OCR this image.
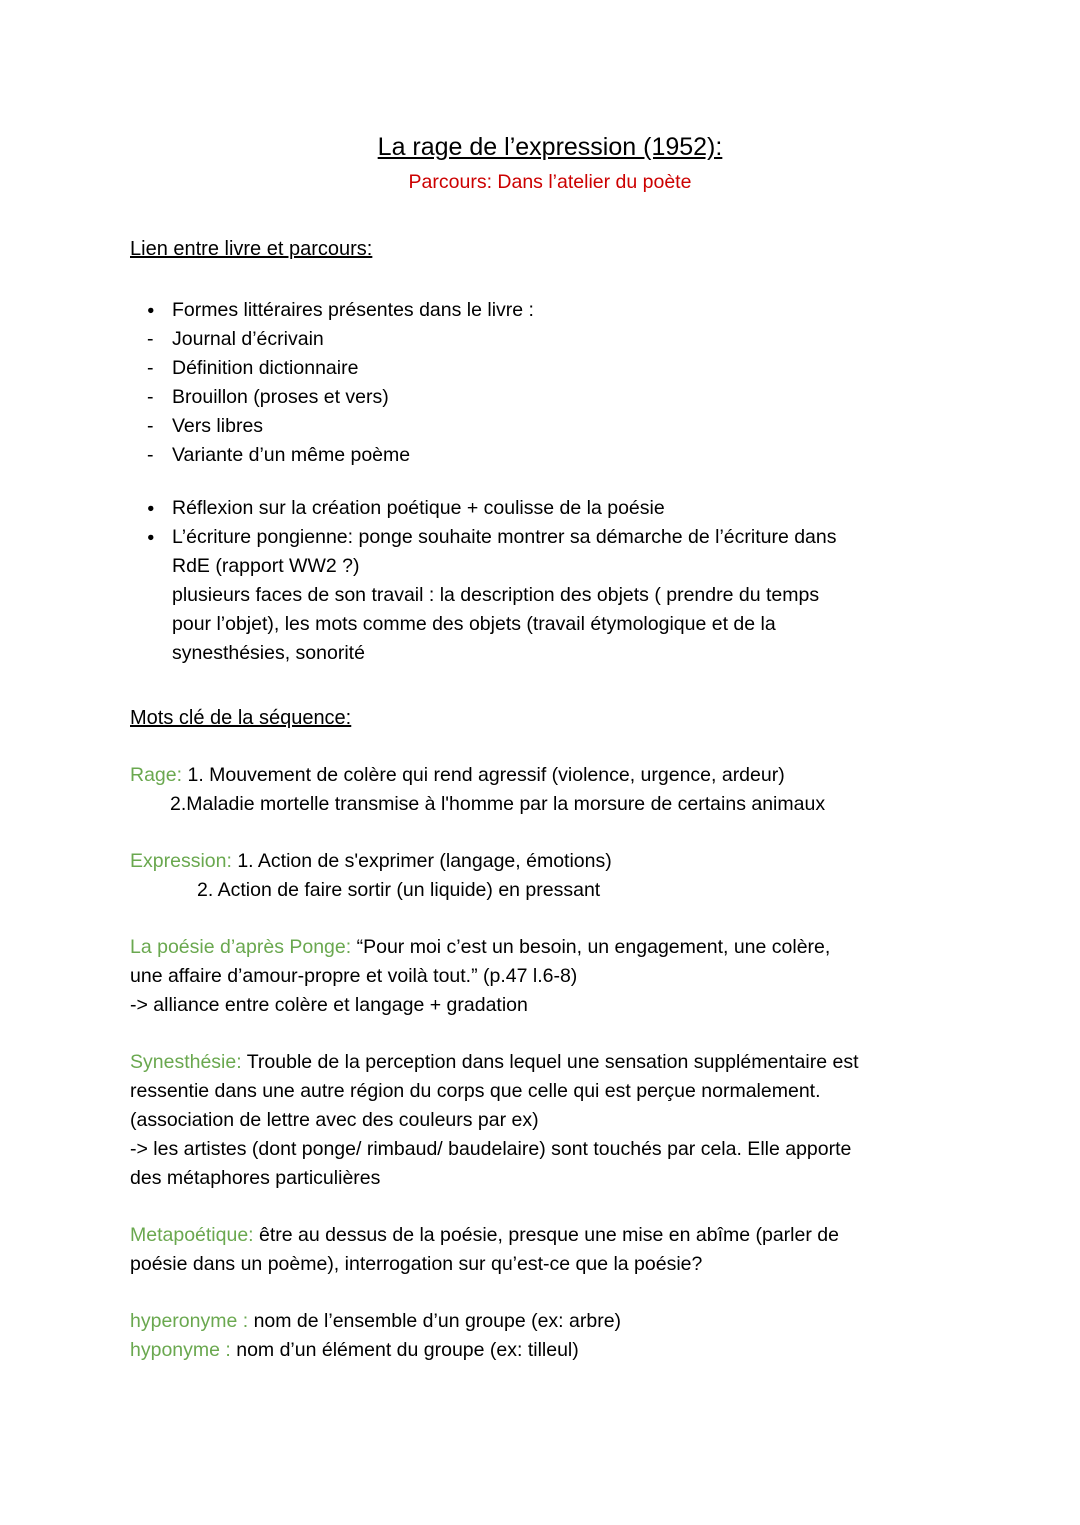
La rage de l’expression (1952):
Parcours: Dans l’atelier du poète
Lien entre livre et parcours:
● Formes littéraires présentes dans le livre :
- Journal d’écrivain
- Définition dictionnaire
- Brouillon (proses et vers)
- Vers libres
- Variante d’un même poème
● Réflexion sur la création poétique + coulisse de la poésie
● L’écriture pongienne: ponge souhaite montrer sa démarche de l’écriture dans
RdE (rapport WW2 ?)
plusieurs faces de son travail : la description des objets ( prendre du temps
pour l’objet), les mots comme des objets (travail étymologique et de la
synesthésies, sonorité
Mots clé de la séquence:
Rage: 1. Mouvement de colère qui rend agressif (violence, urgence, ardeur)
2.Maladie mortelle transmise à l'homme par la morsure de certains animaux
Expression: 1. Action de s'exprimer (langage, émotions)
2. Action de faire sortir (un liquide) en pressant
La poésie d’après Ponge: “Pour moi c’est un besoin, un engagement, une colère,
une affaire d’amour-propre et voilà tout.” (p.47 l.6-8)
-> alliance entre colère et langage + gradation
Synesthésie: Trouble de la perception dans lequel une sensation supplémentaire est
ressentie dans une autre région du corps que celle qui est perçue normalement.
(association de lettre avec des couleurs par ex)
-> les artistes (dont ponge/ rimbaud/ baudelaire) sont touchés par cela. Elle apporte
des métaphores particulières
Metapoétique: être au dessus de la poésie, presque une mise en abîme (parler de
poésie dans un poème), interrogation sur qu’est-ce que la poésie?
hyperonyme : nom de l’ensemble d’un groupe (ex: arbre)
hyponyme : nom d’un élément du groupe (ex: tilleul)
